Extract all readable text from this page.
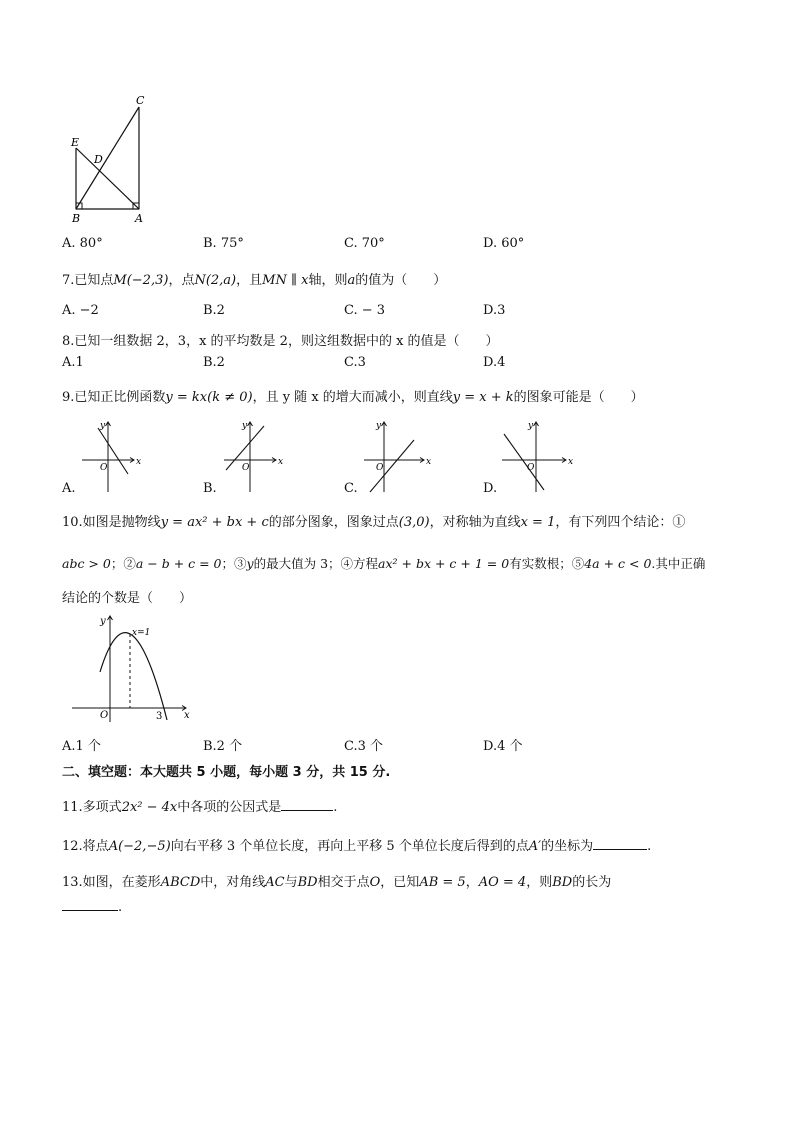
C
E
D
B	A
A. 80°	B. 75°	C. 70°	D. 60°
7.已知点M(−2,3)，点N(2,a)，且MN ∥ x轴，则a的值为（　　）
A. −2	B.2	C. − 3	D.3
8.已知一组数据 2，3，x 的平均数是 2，则这组数据中的 x 的值是（　　）
A.1	B.2	C.3	D.4
9.已知正比例函数y = kx(k ≠ 0)，且 y 随 x 的增大而减小，则直线y = x + k的图象可能是（　　）
y
x
O
y
x
O
y
x
O
y
x
O
A.	B.	C.	D.
10.如图是抛物线y = ax² + bx + c的部分图象，图象过点(3,0)，对称轴为直线x = 1，有下列四个结论：①
abc > 0；②a − b + c = 0；③y的最大值为 3；④方程ax² + bx + c + 1 = 0有实数根；⑤4a + c < 0.其中正确
结论的个数是（　　）
y
x
O	3
x=1
A.1 个	B.2 个	C.3 个	D.4 个
二、填空题：本大题共 5 小题，每小题 3 分，共 15 分.
11.多项式2x² − 4x中各项的公因式是	.
12.将点A(−2,−5)向右平移 3 个单位长度，再向上平移 5 个单位长度后得到的点A′的坐标为	.
13.如图，在菱形ABCD中，对角线AC与BD相交于点O，已知AB = 5，AO = 4，则BD的长为
.
